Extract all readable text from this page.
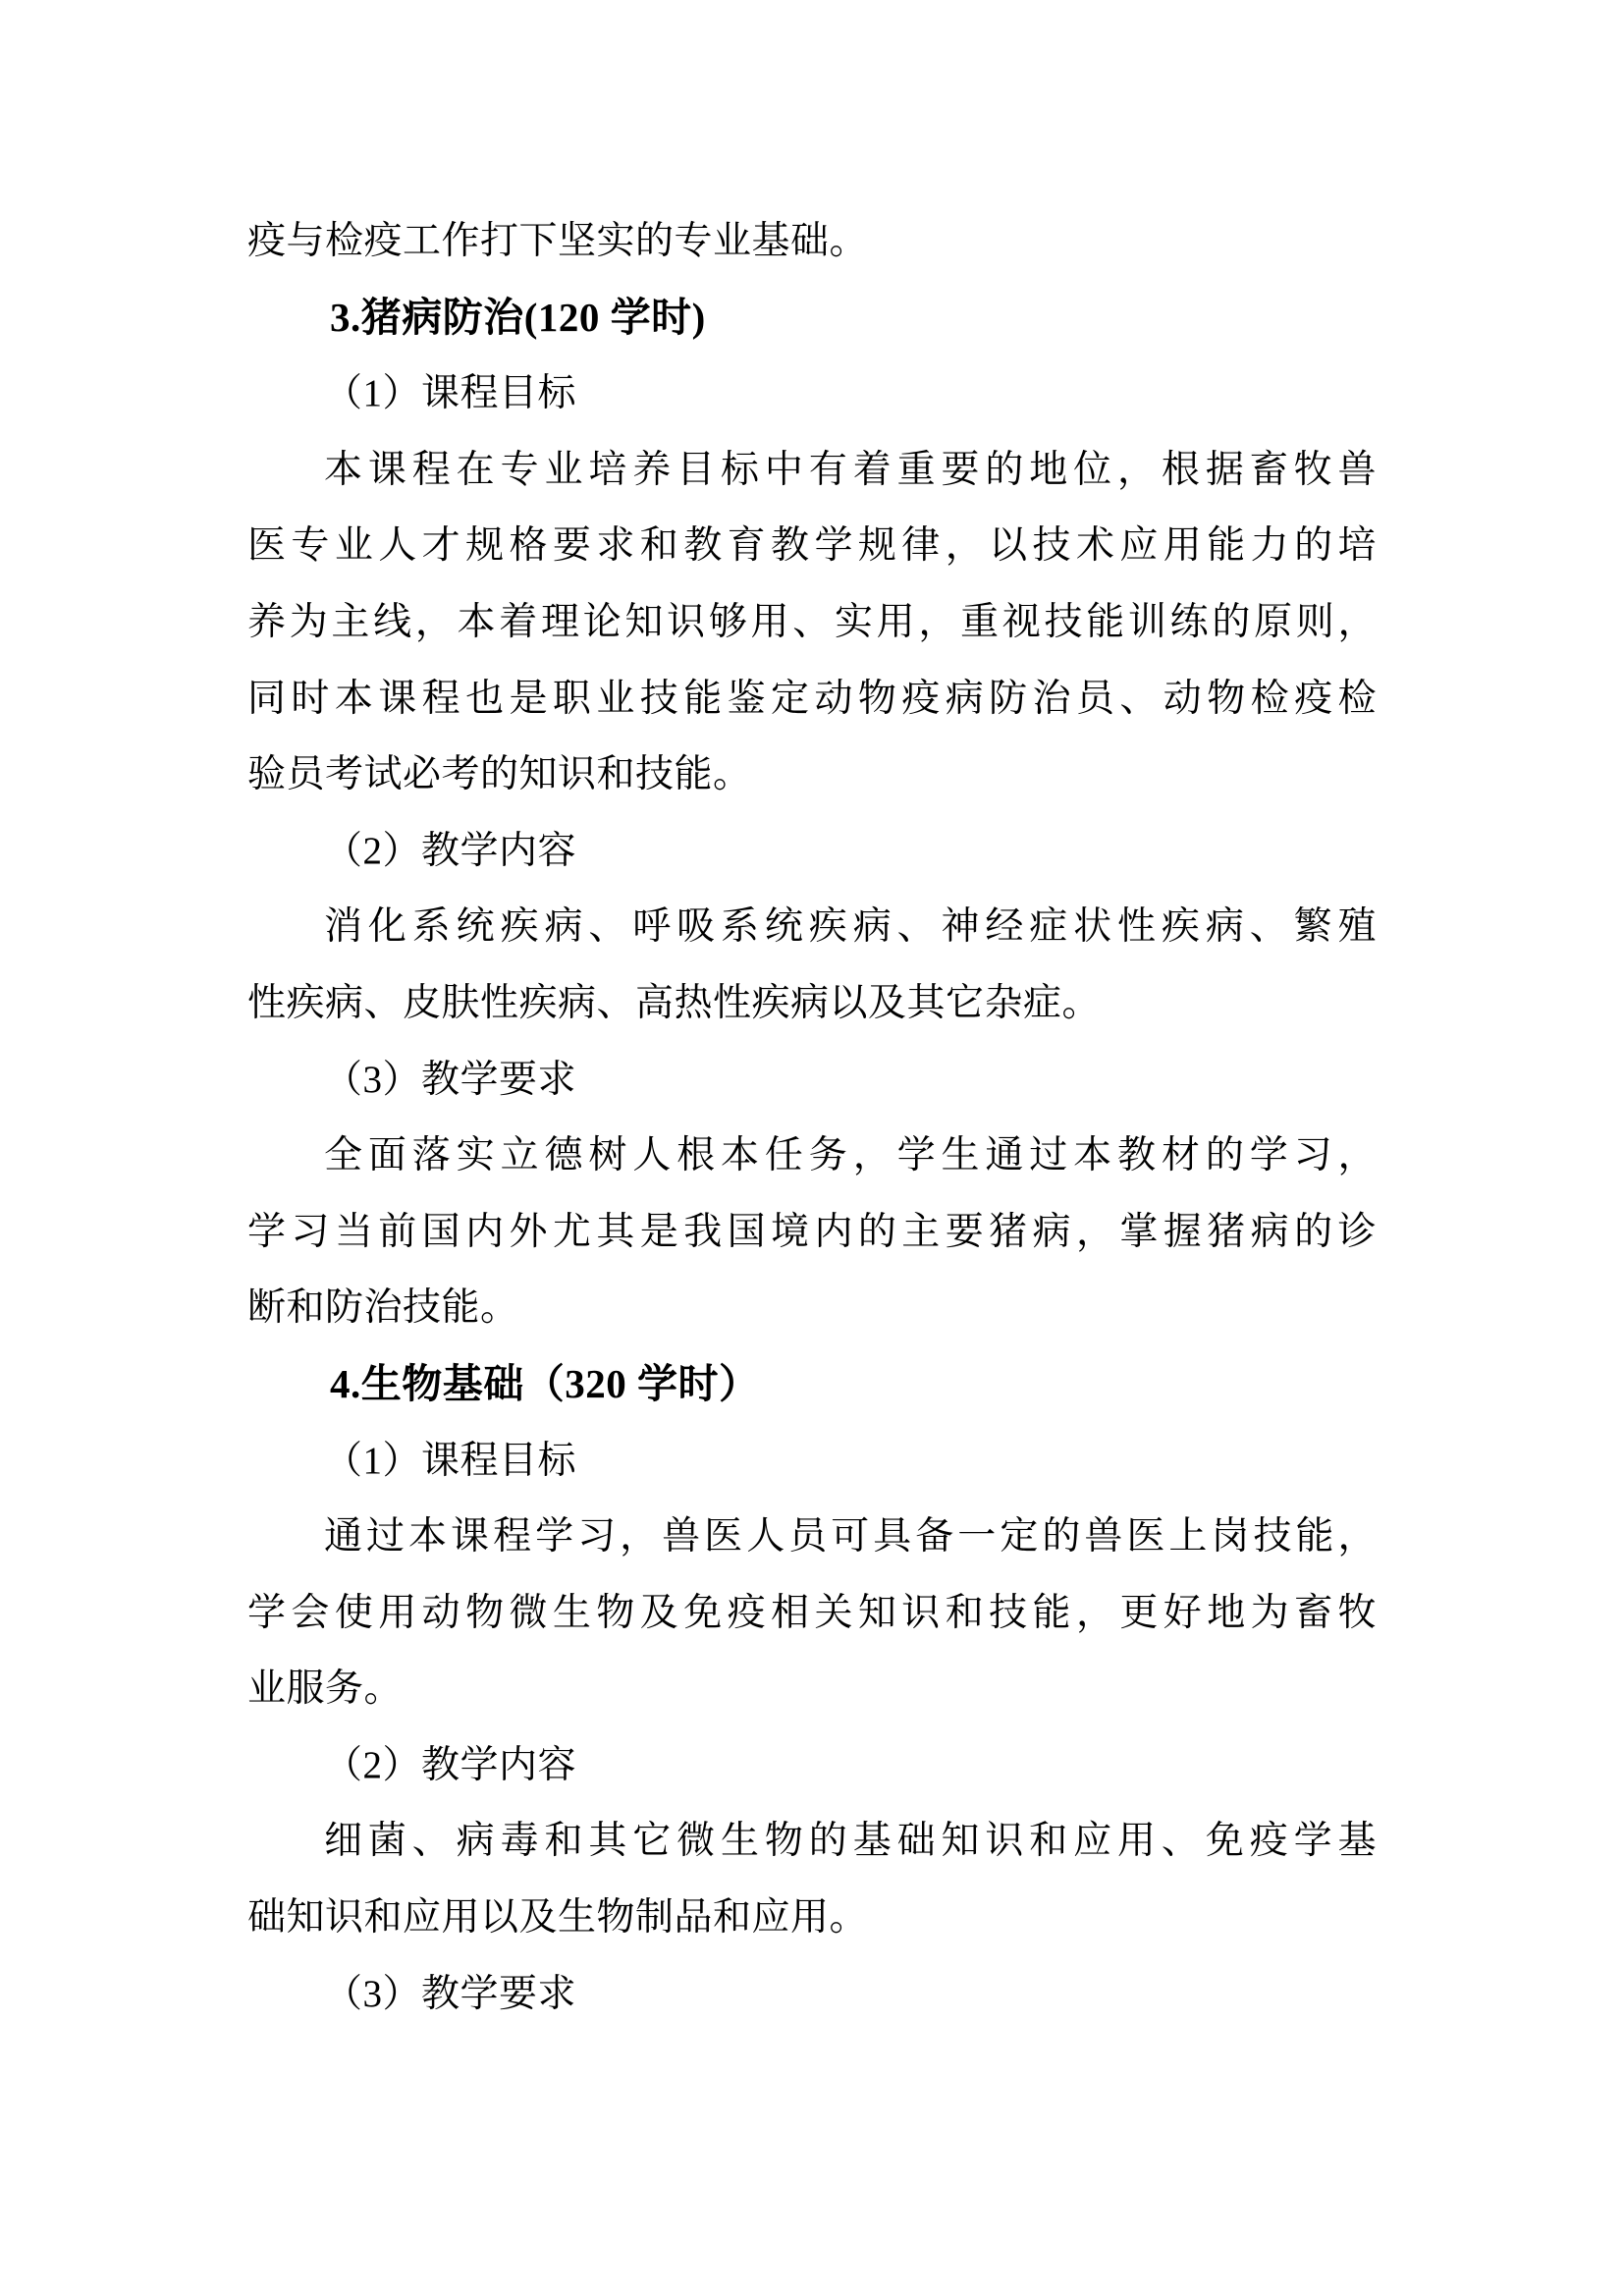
疫与检疫工作打下坚实的专业基础。
3.猪病防治(120 学时)
（1）课程目标
本课程在专业培养目标中有着重要的地位，根据畜牧兽
医专业人才规格要求和教育教学规律，以技术应用能力的培
养为主线，本着理论知识够用、实用，重视技能训练的原则，
同时本课程也是职业技能鉴定动物疫病防治员、动物检疫检
验员考试必考的知识和技能。
（2）教学内容
消化系统疾病、呼吸系统疾病、神经症状性疾病、繁殖
性疾病、皮肤性疾病、高热性疾病以及其它杂症。
（3）教学要求
全面落实立德树人根本任务，学生通过本教材的学习，
学习当前国内外尤其是我国境内的主要猪病，掌握猪病的诊
断和防治技能。
4.生物基础（320 学时）
（1）课程目标
通过本课程学习，兽医人员可具备一定的兽医上岗技能，
学会使用动物微生物及免疫相关知识和技能，更好地为畜牧
业服务。
（2）教学内容
细菌、病毒和其它微生物的基础知识和应用、免疫学基
础知识和应用以及生物制品和应用。
（3）教学要求
